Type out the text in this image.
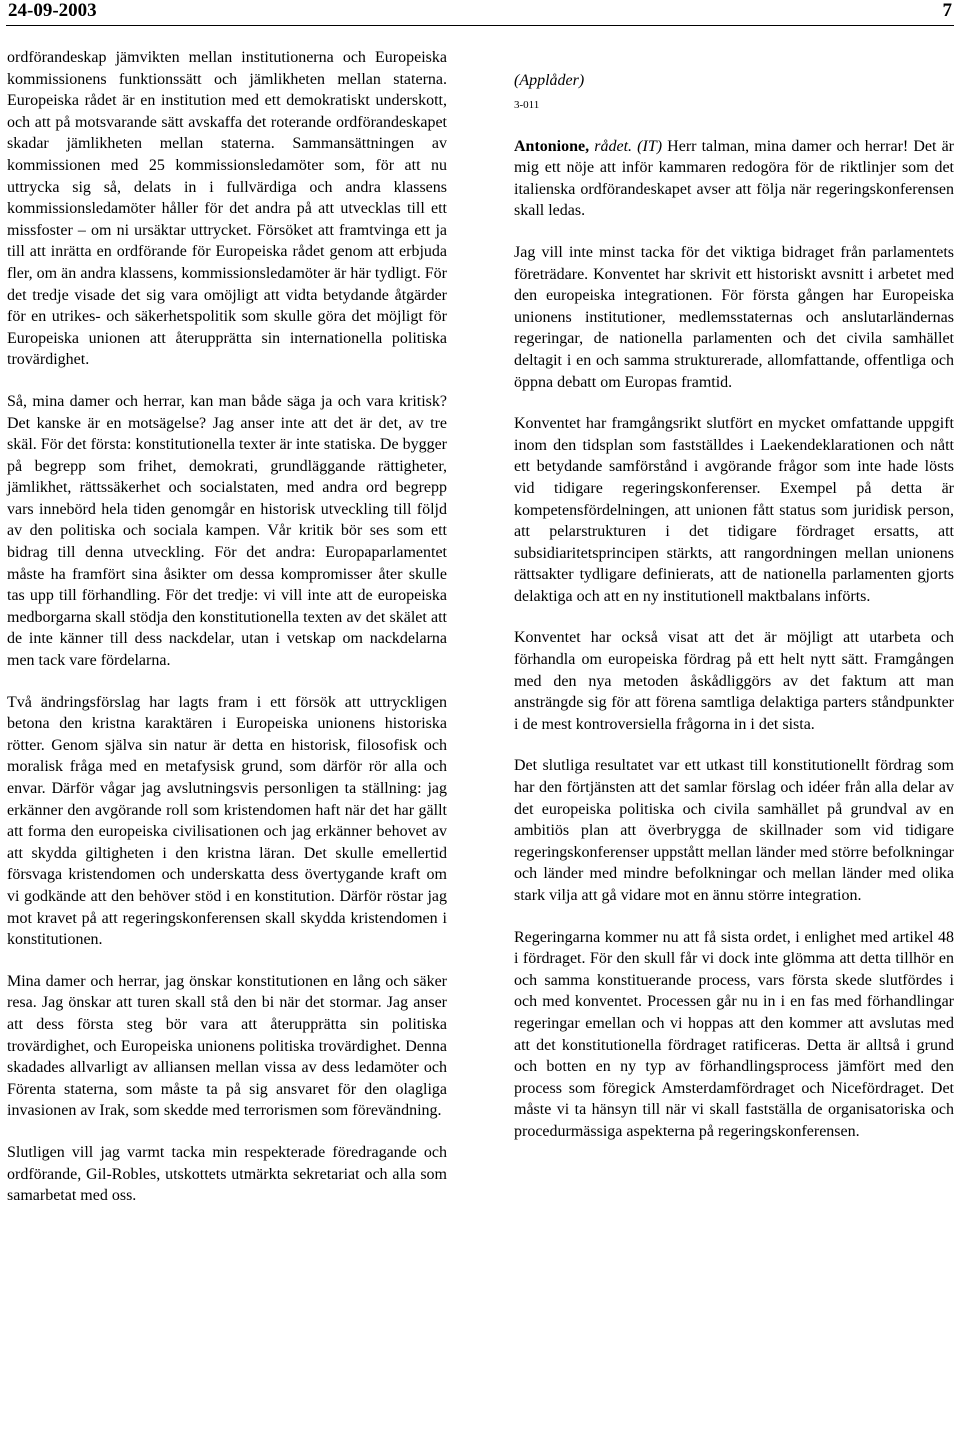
24-09-2003	7

ordförandeskap jämvikten mellan institutionerna och Europeiska kommissionens funktionssätt och jämlikheten mellan staterna. Europeiska rådet är en institution med ett demokratiskt underskott, och att på motsvarande sätt avskaffa det roterande ordförandeskapet skadar jämlikheten mellan staterna. Sammansättningen av kommissionen med 25 kommissionsledamöter som, för att nu uttrycka sig så, delats in i fullvärdiga och andra klassens kommissionsledamöter håller för det andra på att utvecklas till ett missfoster – om ni ursäktar uttrycket. Försöket att framtvinga ett ja till att inrätta en ordförande för Europeiska rådet genom att erbjuda fler, om än andra klassens, kommissionsledamöter är här tydligt. För det tredje visade det sig vara omöjligt att vidta betydande åtgärder för en utrikes- och säkerhetspolitik som skulle göra det möjligt för Europeiska unionen att återupprätta sin internationella politiska trovärdighet.

Så, mina damer och herrar, kan man både säga ja och vara kritisk? Det kanske är en motsägelse? Jag anser inte att det är det, av tre skäl. För det första: konstitutionella texter är inte statiska. De bygger på begrepp som frihet, demokrati, grundläggande rättigheter, jämlikhet, rättssäkerhet och socialstaten, med andra ord begrepp vars innebörd hela tiden genomgår en historisk utveckling till följd av den politiska och sociala kampen. Vår kritik bör ses som ett bidrag till denna utveckling. För det andra: Europaparlamentet måste ha framfört sina åsikter om dessa kompromisser åter skulle tas upp till förhandling. För det tredje: vi vill inte att de europeiska medborgarna skall stödja den konstitutionella texten av det skälet att de inte känner till dess nackdelar, utan i vetskap om nackdelarna men tack vare fördelarna.

Två ändringsförslag har lagts fram i ett försök att uttryckligen betona den kristna karaktären i Europeiska unionens historiska rötter. Genom själva sin natur är detta en historisk, filosofisk och moralisk fråga med en metafysisk grund, som därför rör alla och envar. Därför vågar jag avslutningsvis personligen ta ställning: jag erkänner den avgörande roll som kristendomen haft när det har gällt att forma den europeiska civilisationen och jag erkänner behovet av att skydda giltigheten i den kristna läran. Det skulle emellertid försvaga kristendomen och underskatta dess övertygande kraft om vi godkände att den behöver stöd i en konstitution. Därför röstar jag mot kravet på att regeringskonferensen skall skydda kristendomen i konstitutionen.

Mina damer och herrar, jag önskar konstitutionen en lång och säker resa. Jag önskar att turen skall stå den bi när det stormar. Jag anser att dess första steg bör vara att återupprätta sin politiska trovärdighet, och Europeiska unionens politiska trovärdighet. Denna skadades allvarligt av alliansen mellan vissa av dess ledamöter och Förenta staterna, som måste ta på sig ansvaret för den olagliga invasionen av Irak, som skedde med terrorismen som förevändning.

Slutligen vill jag varmt tacka min respekterade föredragande och ordförande, Gil-Robles, utskottets utmärkta sekretariat och alla som samarbetat med oss.

(Applåder)

3-011

Antonione, rådet. (IT) Herr talman, mina damer och herrar! Det är mig ett nöje att inför kammaren redogöra för de riktlinjer som det italienska ordförandeskapet avser att följa när regeringskonferensen skall ledas.

Jag vill inte minst tacka för det viktiga bidraget från parlamentets företrädare. Konventet har skrivit ett historiskt avsnitt i arbetet med den europeiska integrationen. För första gången har Europeiska unionens institutioner, medlemsstaternas och anslutarländernas regeringar, de nationella parlamenten och det civila samhället deltagit i en och samma strukturerade, allomfattande, offentliga och öppna debatt om Europas framtid.

Konventet har framgångsrikt slutfört en mycket omfattande uppgift inom den tidsplan som fastställdes i Laekendeklarationen och nått ett betydande samförstånd i avgörande frågor som inte hade lösts vid tidigare regeringskonferenser. Exempel på detta är kompetensfördelningen, att unionen fått status som juridisk person, att pelarstrukturen i det tidigare fördraget ersatts, att subsidiaritetsprincipen stärkts, att rangordningen mellan unionens rättsakter tydligare definierats, att de nationella parlamenten gjorts delaktiga och att en ny institutionell maktbalans införts.

Konventet har också visat att det är möjligt att utarbeta och förhandla om europeiska fördrag på ett helt nytt sätt. Framgången med den nya metoden åskådliggörs av det faktum att man ansträngde sig för att förena samtliga delaktiga parters ståndpunkter i de mest kontroversiella frågorna in i det sista.

Det slutliga resultatet var ett utkast till konstitutionellt fördrag som har den förtjänsten att det samlar förslag och idéer från alla delar av det europeiska politiska och civila samhället på grundval av en ambitiös plan att överbrygga de skillnader som vid tidigare regeringskonferenser uppstått mellan länder med större befolkningar och länder med mindre befolkningar och mellan länder med olika stark vilja att gå vidare mot en ännu större integration.

Regeringarna kommer nu att få sista ordet, i enlighet med artikel 48 i fördraget. För den skull får vi dock inte glömma att detta tillhör en och samma konstituerande process, vars första skede slutfördes i och med konventet. Processen går nu in i en fas med förhandlingar regeringar emellan och vi hoppas att den kommer att avslutas med att det konstitutionella fördraget ratificeras. Detta är alltså i grund och botten en ny typ av förhandlingsprocess jämfört med den process som föregick Amsterdamfördraget och Nicefördraget. Det måste vi ta hänsyn till när vi skall fastställa de organisatoriska och procedurmässiga aspekterna på regeringskonferensen.
